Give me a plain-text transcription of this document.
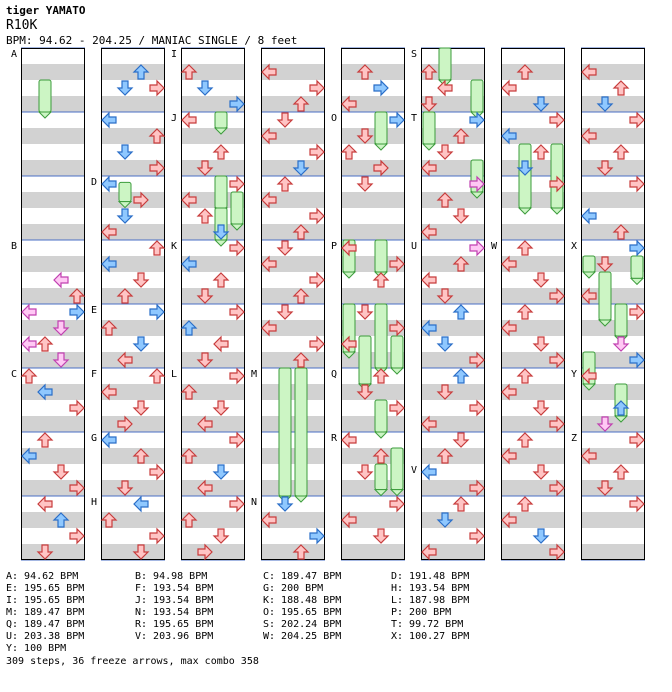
tiger YAMATO
R10K
BPM: 94.62 - 204.25 / MANIAC SINGLE / 8 feet
A
B
C
D
E
F
G
H
I
J
K
L	M
N
O
P
Q
R
S
T
U
V
W	X
Y
Z
A: 94.62 BPM	B: 94.98 BPM	C: 189.47 BPM	D: 191.48 BPM
E: 195.65 BPM	F: 193.54 BPM	G: 200 BPM	H: 193.54 BPM
I: 195.65 BPM	J: 193.54 BPM	K: 188.48 BPM	L: 187.98 BPM
M: 189.47 BPM	N: 193.54 BPM	O: 195.65 BPM	P: 200 BPM
Q: 189.47 BPM	R: 195.65 BPM	S: 202.24 BPM	T: 99.72 BPM
U: 203.38 BPM	V: 203.96 BPM	W: 204.25 BPM	X: 100.27 BPM
Y: 100 BPM
309 steps, 36 freeze arrows, max combo 358
